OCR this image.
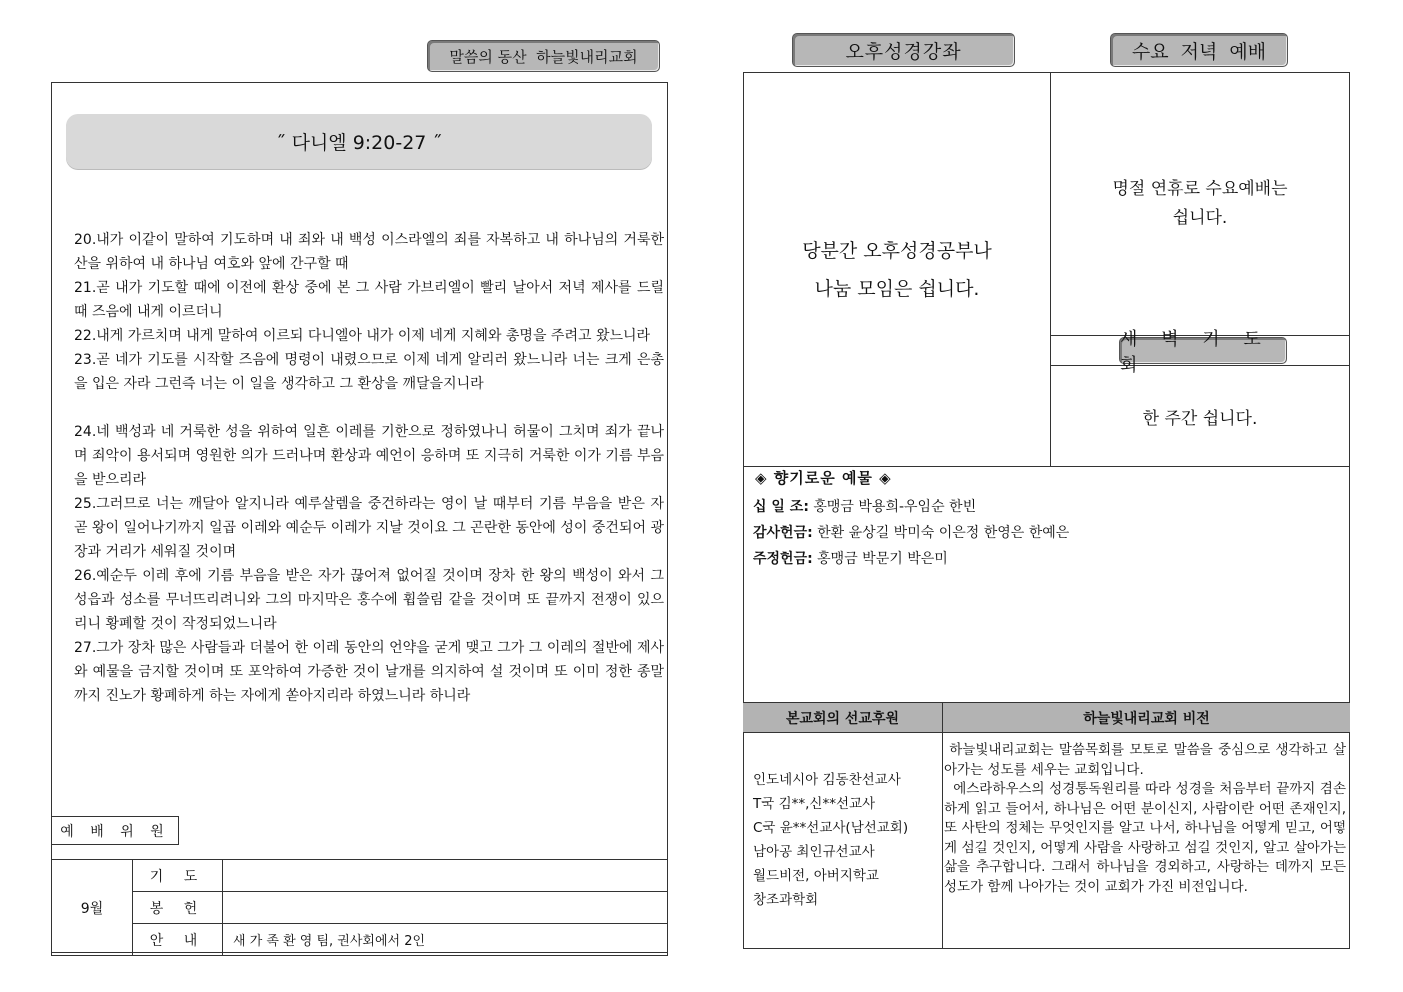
말씀의 동산  하늘빛내리교회
˝ 다니엘 9:20-27 ˝

20.내가 이같이 말하여 기도하며 내 죄와 내 백성 이스라엘의 죄를 자복하고 내 하나님의 거룩한 산을 위하여 내 하나님 여호와 앞에 간구할 때

21.곧 내가 기도할 때에 이전에 환상 중에 본 그 사람 가브리엘이 빨리 날아서 저녁 제사를 드릴 때 즈음에 내게 이르더니

22.내게 가르치며 내게 말하여 이르되 다니엘아 내가 이제 네게 지혜와 총명을 주려고 왔느니라

23.곧 네가 기도를 시작할 즈음에 명령이 내렸으므로 이제 네게 알리러 왔느니라 너는 크게 은총을 입은 자라 그런즉 너는 이 일을 생각하고 그 환상을 깨달을지니라

24.네 백성과 네 거룩한 성을 위하여 일흔 이레를 기한으로 정하였나니 허물이 그치며 죄가 끝나며 죄악이 용서되며 영원한 의가 드러나며 환상과 예언이 응하며 또 지극히 거룩한 이가 기름 부음을 받으리라

25.그러므로 너는 깨달아 알지니라 예루살렘을 중건하라는 영이 날 때부터 기름 부음을 받은 자 곧 왕이 일어나기까지 일곱 이레와 예순두 이레가 지날 것이요 그 곤란한 동안에 성이 중건되어 광장과 거리가 세워질 것이며

26.예순두 이레 후에 기름 부음을 받은 자가 끊어져 없어질 것이며 장차 한 왕의 백성이 와서 그 성읍과 성소를 무너뜨리려니와 그의 마지막은 홍수에 휩쓸림 같을 것이며 또 끝까지 전쟁이 있으리니 황폐할 것이 작정되었느니라

27.그가 장차 많은 사람들과 더불어 한 이레 동안의 언약을 굳게 맺고 그가 그 이레의 절반에 제사와 예물을 금지할 것이며 또 포악하여 가증한 것이 날개를 의지하여 설 것이며 또 이미 정한 종말까지 진노가 황폐하게 하는 자에게 쏟아지리라 하였느니라 하니라

예 배 위 원
9월	기 도	
	봉 헌	
	안 내	새 가 족 환 영 팀, 권사회에서 2인
오후성경강좌	수요 저녁 예배
당분간 오후성경공부나
나눔 모임은 쉽니다.
명절 연휴로 수요예배는
쉽니다.
새 벽 기 도 회
한 주간 쉽니다.
◈ 향기로운 예물 ◈
십 일 조: 홍맹금 박용희-우임순 한빈
감사헌금: 한환 윤상길 박미숙 이은정 한영은 한예은
주정헌금: 홍맹금 박문기 박은미
본교회의 선교후원	하늘빛내리교회 비전
인도네시아 김동찬선교사
T국 김**,신**선교사
C국 윤**선교사(남선교회)
남아공 최인규선교사
월드비전, 아버지학교
창조과학회
하늘빛내리교회는 말씀목회를 모토로 말씀을 중심으로 생각하고 살아가는 성도를 세우는 교회입니다.
에스라하우스의 성경통독원리를 따라 성경을 처음부터 끝까지 겸손하게 읽고 들어서, 하나님은 어떤 분이신지, 사람이란 어떤 존재인지, 또 사탄의 정체는 무엇인지를 알고 나서, 하나님을 어떻게 믿고, 어떻게 섬길 것인지, 어떻게 사람을 사랑하고 섬길 것인지, 알고 살아가는 삶을 추구합니다. 그래서 하나님을 경외하고, 사랑하는 데까지 모든 성도가 함께 나아가는 것이 교회가 가진 비전입니다.
